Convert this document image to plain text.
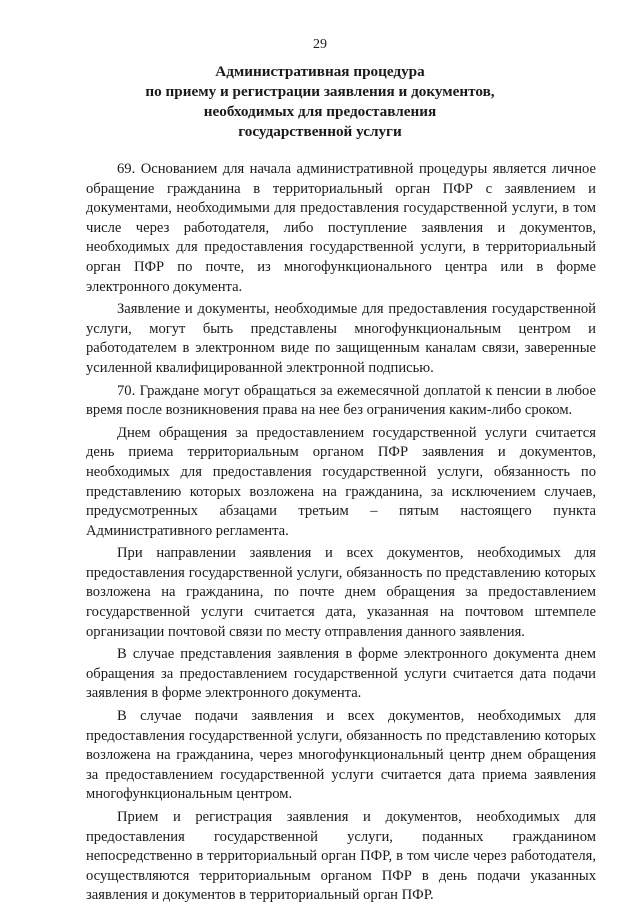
29
Административная процедура
по приему и регистрации заявления и документов,
необходимых для предоставления
государственной услуги

69. Основанием для начала административной процедуры является личное обращение гражданина в территориальный орган ПФР с заявлением и документами, необходимыми для предоставления государственной услуги, в том числе через работодателя, либо поступление заявления и документов, необходимых для предоставления государственной услуги, в территориальный орган ПФР по почте, из многофункционального центра или в форме электронного документа.

Заявление и документы, необходимые для предоставления государственной услуги, могут быть представлены многофункциональным центром и работодателем в электронном виде по защищенным каналам связи, заверенные усиленной квалифицированной электронной подписью.

70. Граждане могут обращаться за ежемесячной доплатой к пенсии в любое время после возникновения права на нее без ограничения каким-либо сроком.

Днем обращения за предоставлением государственной услуги считается день приема территориальным органом ПФР заявления и документов, необходимых для предоставления государственной услуги, обязанность по представлению которых возложена на гражданина, за исключением случаев, предусмотренных абзацами третьим – пятым настоящего пункта Административного регламента.

При направлении заявления и всех документов, необходимых для предоставления государственной услуги, обязанность по представлению которых возложена на гражданина, по почте днем обращения за предоставлением государственной услуги считается дата, указанная на почтовом штемпеле организации почтовой связи по месту отправления данного заявления.

В случае представления заявления в форме электронного документа днем обращения за предоставлением государственной услуги считается дата подачи заявления в форме электронного документа.

В случае подачи заявления и всех документов, необходимых для предоставления государственной услуги, обязанность по представлению которых возложена на гражданина, через многофункциональный центр днем обращения за предоставлением государственной услуги считается дата приема заявления многофункциональным центром.

Прием и регистрация заявления и документов, необходимых для предоставления государственной услуги, поданных гражданином непосредственно в территориальный орган ПФР, в том числе через работодателя, осуществляются территориальным органом ПФР в день подачи указанных заявления и документов в территориальный орган ПФР.
